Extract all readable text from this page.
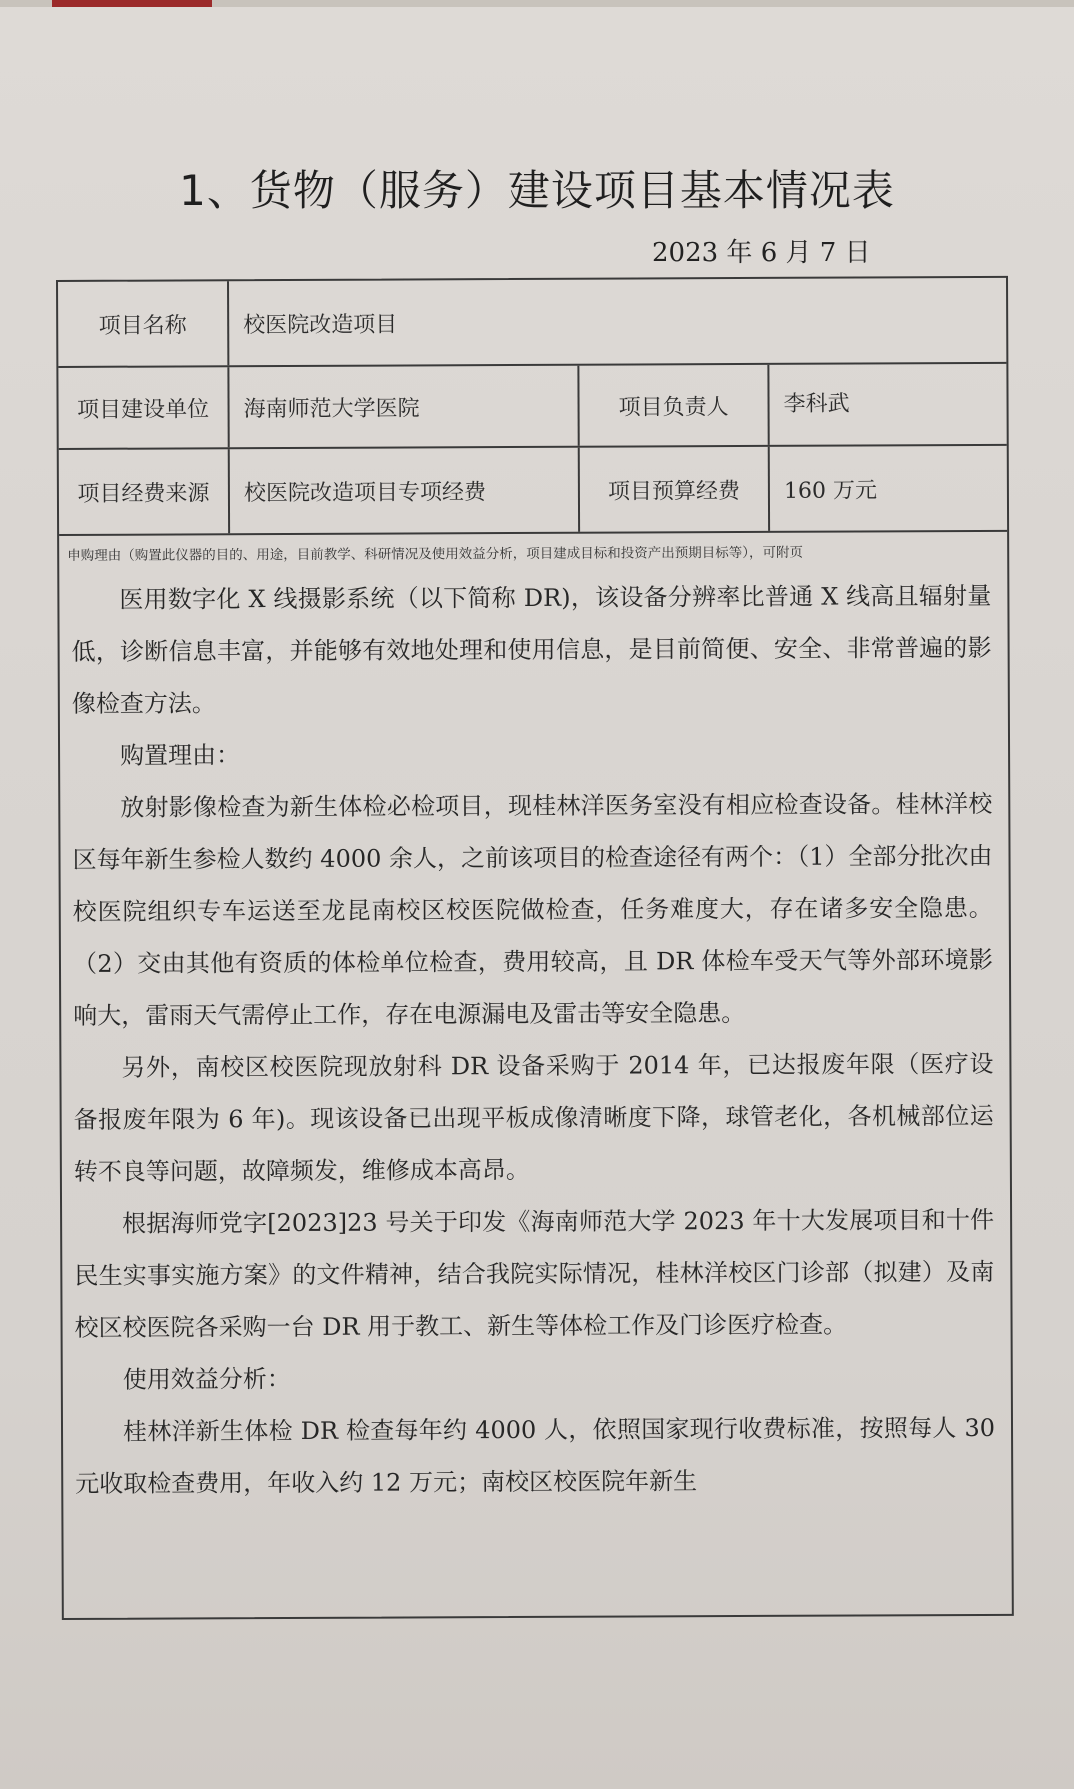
1、货物（服务）建设项目基本情况表
2023 年 6 月 7 日
项目名称	校医院改造项目
项目建设单位	海南师范大学医院	项目负责人	李科武
项目经费来源	校医院改造项目专项经费	项目预算经费	160 万元
申购理由（购置此仪器的目的、用途，目前教学、科研情况及使用效益分析，项目建成目标和投资产出预期目标等），可附页

医用数字化 X 线摄影系统（以下简称 DR)，该设备分辨率比普通 X 线高且辐射量低，诊断信息丰富，并能够有效地处理和使用信息，是目前简便、安全、非常普遍的影像检查方法。

购置理由：

放射影像检查为新生体检必检项目，现桂林洋医务室没有相应检查设备。桂林洋校区每年新生参检人数约 4000 余人，之前该项目的检查途径有两个：（1）全部分批次由校医院组织专车运送至龙昆南校区校医院做检查，任务难度大，存在诸多安全隐患。（2）交由其他有资质的体检单位检查，费用较高，且 DR 体检车受天气等外部环境影响大，雷雨天气需停止工作，存在电源漏电及雷击等安全隐患。

另外，南校区校医院现放射科 DR 设备采购于 2014 年，已达报废年限（医疗设备报废年限为 6 年)。现该设备已出现平板成像清晰度下降，球管老化，各机械部位运转不良等问题，故障频发，维修成本高昂。

根据海师党字[2023]23 号关于印发《海南师范大学 2023 年十大发展项目和十件民生实事实施方案》的文件精神，结合我院实际情况，桂林洋校区门诊部（拟建）及南校区校医院各采购一台 DR 用于教工、新生等体检工作及门诊医疗检查。

使用效益分析：

桂林洋新生体检 DR 检查每年约 4000 人，依照国家现行收费标准，按照每人 30 元收取检查费用，年收入约 12 万元；南校区校医院年新生
